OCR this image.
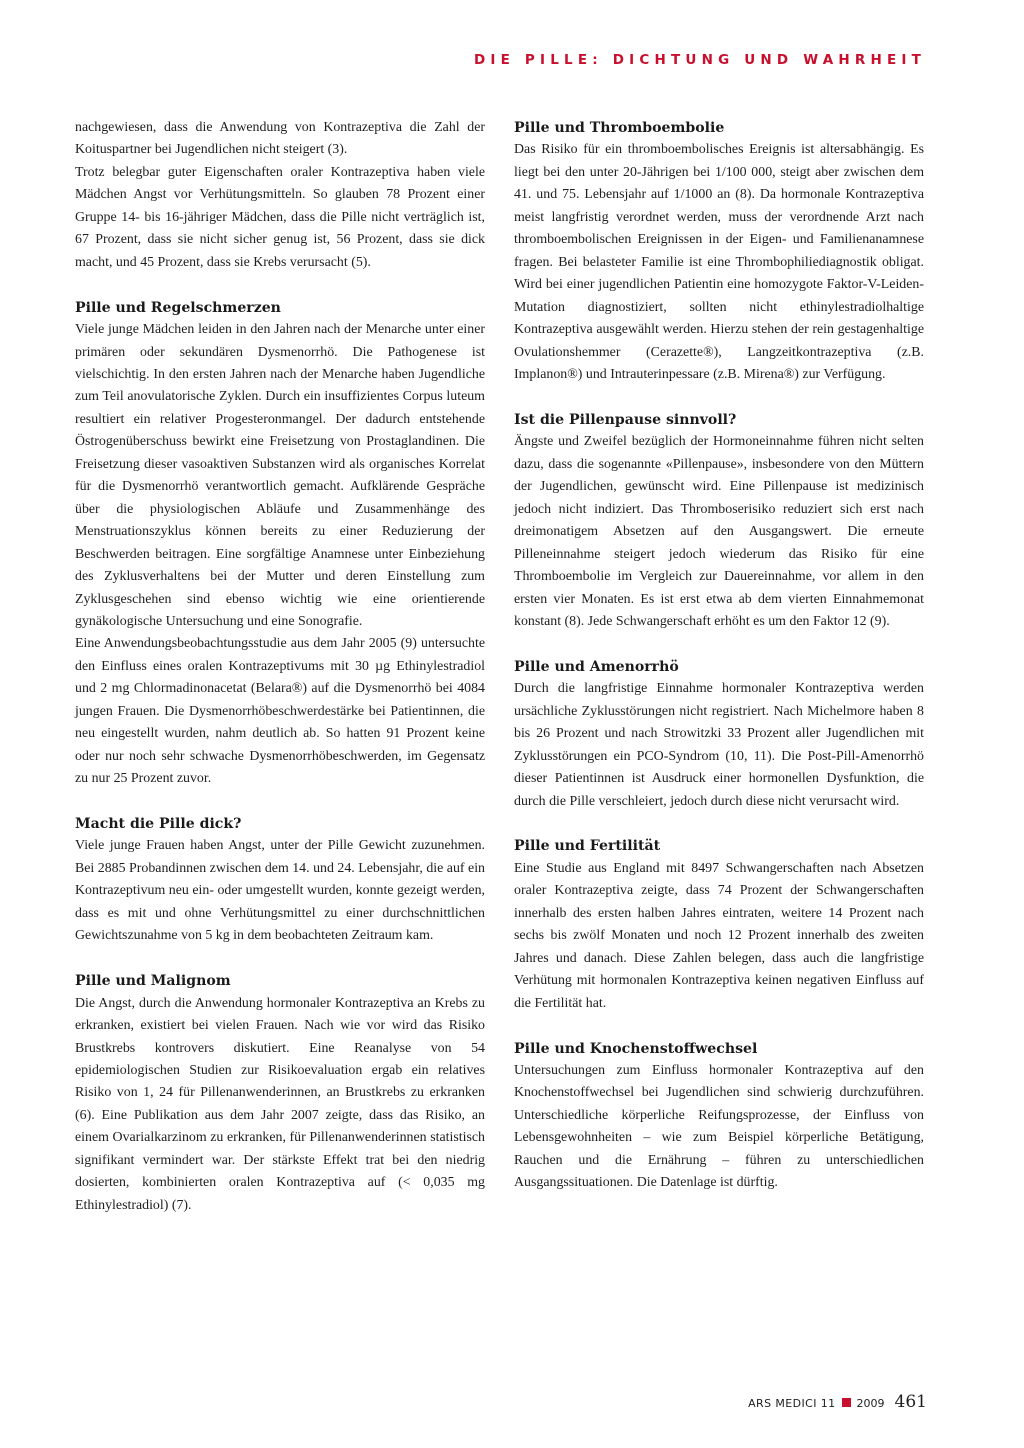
DIE PILLE: DICHTUNG UND WAHRHEIT

nachgewiesen, dass die Anwendung von Kontrazeptiva die Zahl der Koituspartner bei Jugendlichen nicht steigert (3).

Trotz belegbar guter Eigenschaften oraler Kontrazeptiva haben viele Mädchen Angst vor Verhütungsmitteln. So glauben 78 Prozent einer Gruppe 14- bis 16-jähriger Mädchen, dass die Pille nicht verträglich ist, 67 Prozent, dass sie nicht sicher genug ist, 56 Prozent, dass sie dick macht, und 45 Prozent, dass sie Krebs verursacht (5).

Pille und Regelschmerzen

Viele junge Mädchen leiden in den Jahren nach der Menarche unter einer primären oder sekundären Dysmenorrhö. Die Pathogenese ist vielschichtig. In den ersten Jahren nach der Menarche haben Jugendliche zum Teil anovulatorische Zyklen. Durch ein insuffizientes Corpus luteum resultiert ein relativer Progesteronmangel. Der dadurch entstehende Östrogenüberschuss bewirkt eine Freisetzung von Prostaglandinen. Die Freisetzung dieser vasoaktiven Substanzen wird als organisches Korrelat für die Dysmenorrhö verantwortlich gemacht. Aufklärende Gespräche über die physiologischen Abläufe und Zusammenhänge des Menstruationszyklus können bereits zu einer Reduzierung der Beschwerden beitragen. Eine sorgfältige Anamnese unter Einbeziehung des Zyklusverhaltens bei der Mutter und deren Einstellung zum Zyklusgeschehen sind ebenso wichtig wie eine orientierende gynäkologische Untersuchung und eine Sonografie.

Eine Anwendungsbeobachtungsstudie aus dem Jahr 2005 (9) untersuchte den Einfluss eines oralen Kontrazeptivums mit 30 µg Ethinylestradiol und 2 mg Chlormadinonacetat (Belara®) auf die Dysmenorrhö bei 4084 jungen Frauen. Die Dysmenorrhöbeschwerdestärke bei Patientinnen, die neu eingestellt wurden, nahm deutlich ab. So hatten 91 Prozent keine oder nur noch sehr schwache Dysmenorrhöbeschwerden, im Gegensatz zu nur 25 Prozent zuvor.

Macht die Pille dick?

Viele junge Frauen haben Angst, unter der Pille Gewicht zuzunehmen. Bei 2885 Probandinnen zwischen dem 14. und 24. Lebensjahr, die auf ein Kontrazeptivum neu ein- oder umgestellt wurden, konnte gezeigt werden, dass es mit und ohne Verhütungsmittel zu einer durchschnittlichen Gewichtszunahme von 5 kg in dem beobachteten Zeitraum kam.

Pille und Malignom

Die Angst, durch die Anwendung hormonaler Kontrazeptiva an Krebs zu erkranken, existiert bei vielen Frauen. Nach wie vor wird das Risiko Brustkrebs kontrovers diskutiert. Eine Reanalyse von 54 epidemiologischen Studien zur Risikoevaluation ergab ein relatives Risiko von 1, 24 für Pillenanwenderinnen, an Brustkrebs zu erkranken (6). Eine Publikation aus dem Jahr 2007 zeigte, dass das Risiko, an einem Ovarialkarzinom zu erkranken, für Pillenanwenderinnen statistisch signifikant vermindert war. Der stärkste Effekt trat bei den niedrig dosierten, kombinierten oralen Kontrazeptiva auf (< 0,035 mg Ethinylestradiol) (7).

Pille und Thromboembolie

Das Risiko für ein thromboembolisches Ereignis ist altersabhängig. Es liegt bei den unter 20-Jährigen bei 1/100 000, steigt aber zwischen dem 41. und 75. Lebensjahr auf 1/1000 an (8). Da hormonale Kontrazeptiva meist langfristig verordnet werden, muss der verordnende Arzt nach thromboembolischen Ereignissen in der Eigen- und Familienanamnese fragen. Bei belasteter Familie ist eine Thrombophiliediagnostik obligat. Wird bei einer jugendlichen Patientin eine homozygote Faktor-V-Leiden-Mutation diagnostiziert, sollten nicht ethinylestradiolhaltige Kontrazeptiva ausgewählt werden. Hierzu stehen der rein gestagenhaltige Ovulationshemmer (Cerazette®), Langzeitkontrazeptiva (z.B. Implanon®) und Intrauterinpessare (z.B. Mirena®) zur Verfügung.

Ist die Pillenpause sinnvoll?

Ängste und Zweifel bezüglich der Hormoneinnahme führen nicht selten dazu, dass die sogenannte «Pillenpause», insbesondere von den Müttern der Jugendlichen, gewünscht wird. Eine Pillenpause ist medizinisch jedoch nicht indiziert. Das Thromboserisiko reduziert sich erst nach dreimonatigem Absetzen auf den Ausgangswert. Die erneute Pilleneinnahme steigert jedoch wiederum das Risiko für eine Thromboembolie im Vergleich zur Dauereinnahme, vor allem in den ersten vier Monaten. Es ist erst etwa ab dem vierten Einnahmemonat konstant (8). Jede Schwangerschaft erhöht es um den Faktor 12 (9).

Pille und Amenorrhö

Durch die langfristige Einnahme hormonaler Kontrazeptiva werden ursächliche Zyklusstörungen nicht registriert. Nach Michelmore haben 8 bis 26 Prozent und nach Strowitzki 33 Prozent aller Jugendlichen mit Zyklusstörungen ein PCO-Syndrom (10, 11). Die Post-Pill-Amenorrhö dieser Patientinnen ist Ausdruck einer hormonellen Dysfunktion, die durch die Pille verschleiert, jedoch durch diese nicht verursacht wird.

Pille und Fertilität

Eine Studie aus England mit 8497 Schwangerschaften nach Absetzen oraler Kontrazeptiva zeigte, dass 74 Prozent der Schwangerschaften innerhalb des ersten halben Jahres eintraten, weitere 14 Prozent nach sechs bis zwölf Monaten und noch 12 Prozent innerhalb des zweiten Jahres und danach. Diese Zahlen belegen, dass auch die langfristige Verhütung mit hormonalen Kontrazeptiva keinen negativen Einfluss auf die Fertilität hat.

Pille und Knochenstoffwechsel

Untersuchungen zum Einfluss hormonaler Kontrazeptiva auf den Knochenstoffwechsel bei Jugendlichen sind schwierig durchzuführen. Unterschiedliche körperliche Reifungsprozesse, der Einfluss von Lebensgewohnheiten – wie zum Beispiel körperliche Betätigung, Rauchen und die Ernährung – führen zu unterschiedlichen Ausgangssituationen. Die Datenlage ist dürftig.

ARS MEDICI 11 2009 461
